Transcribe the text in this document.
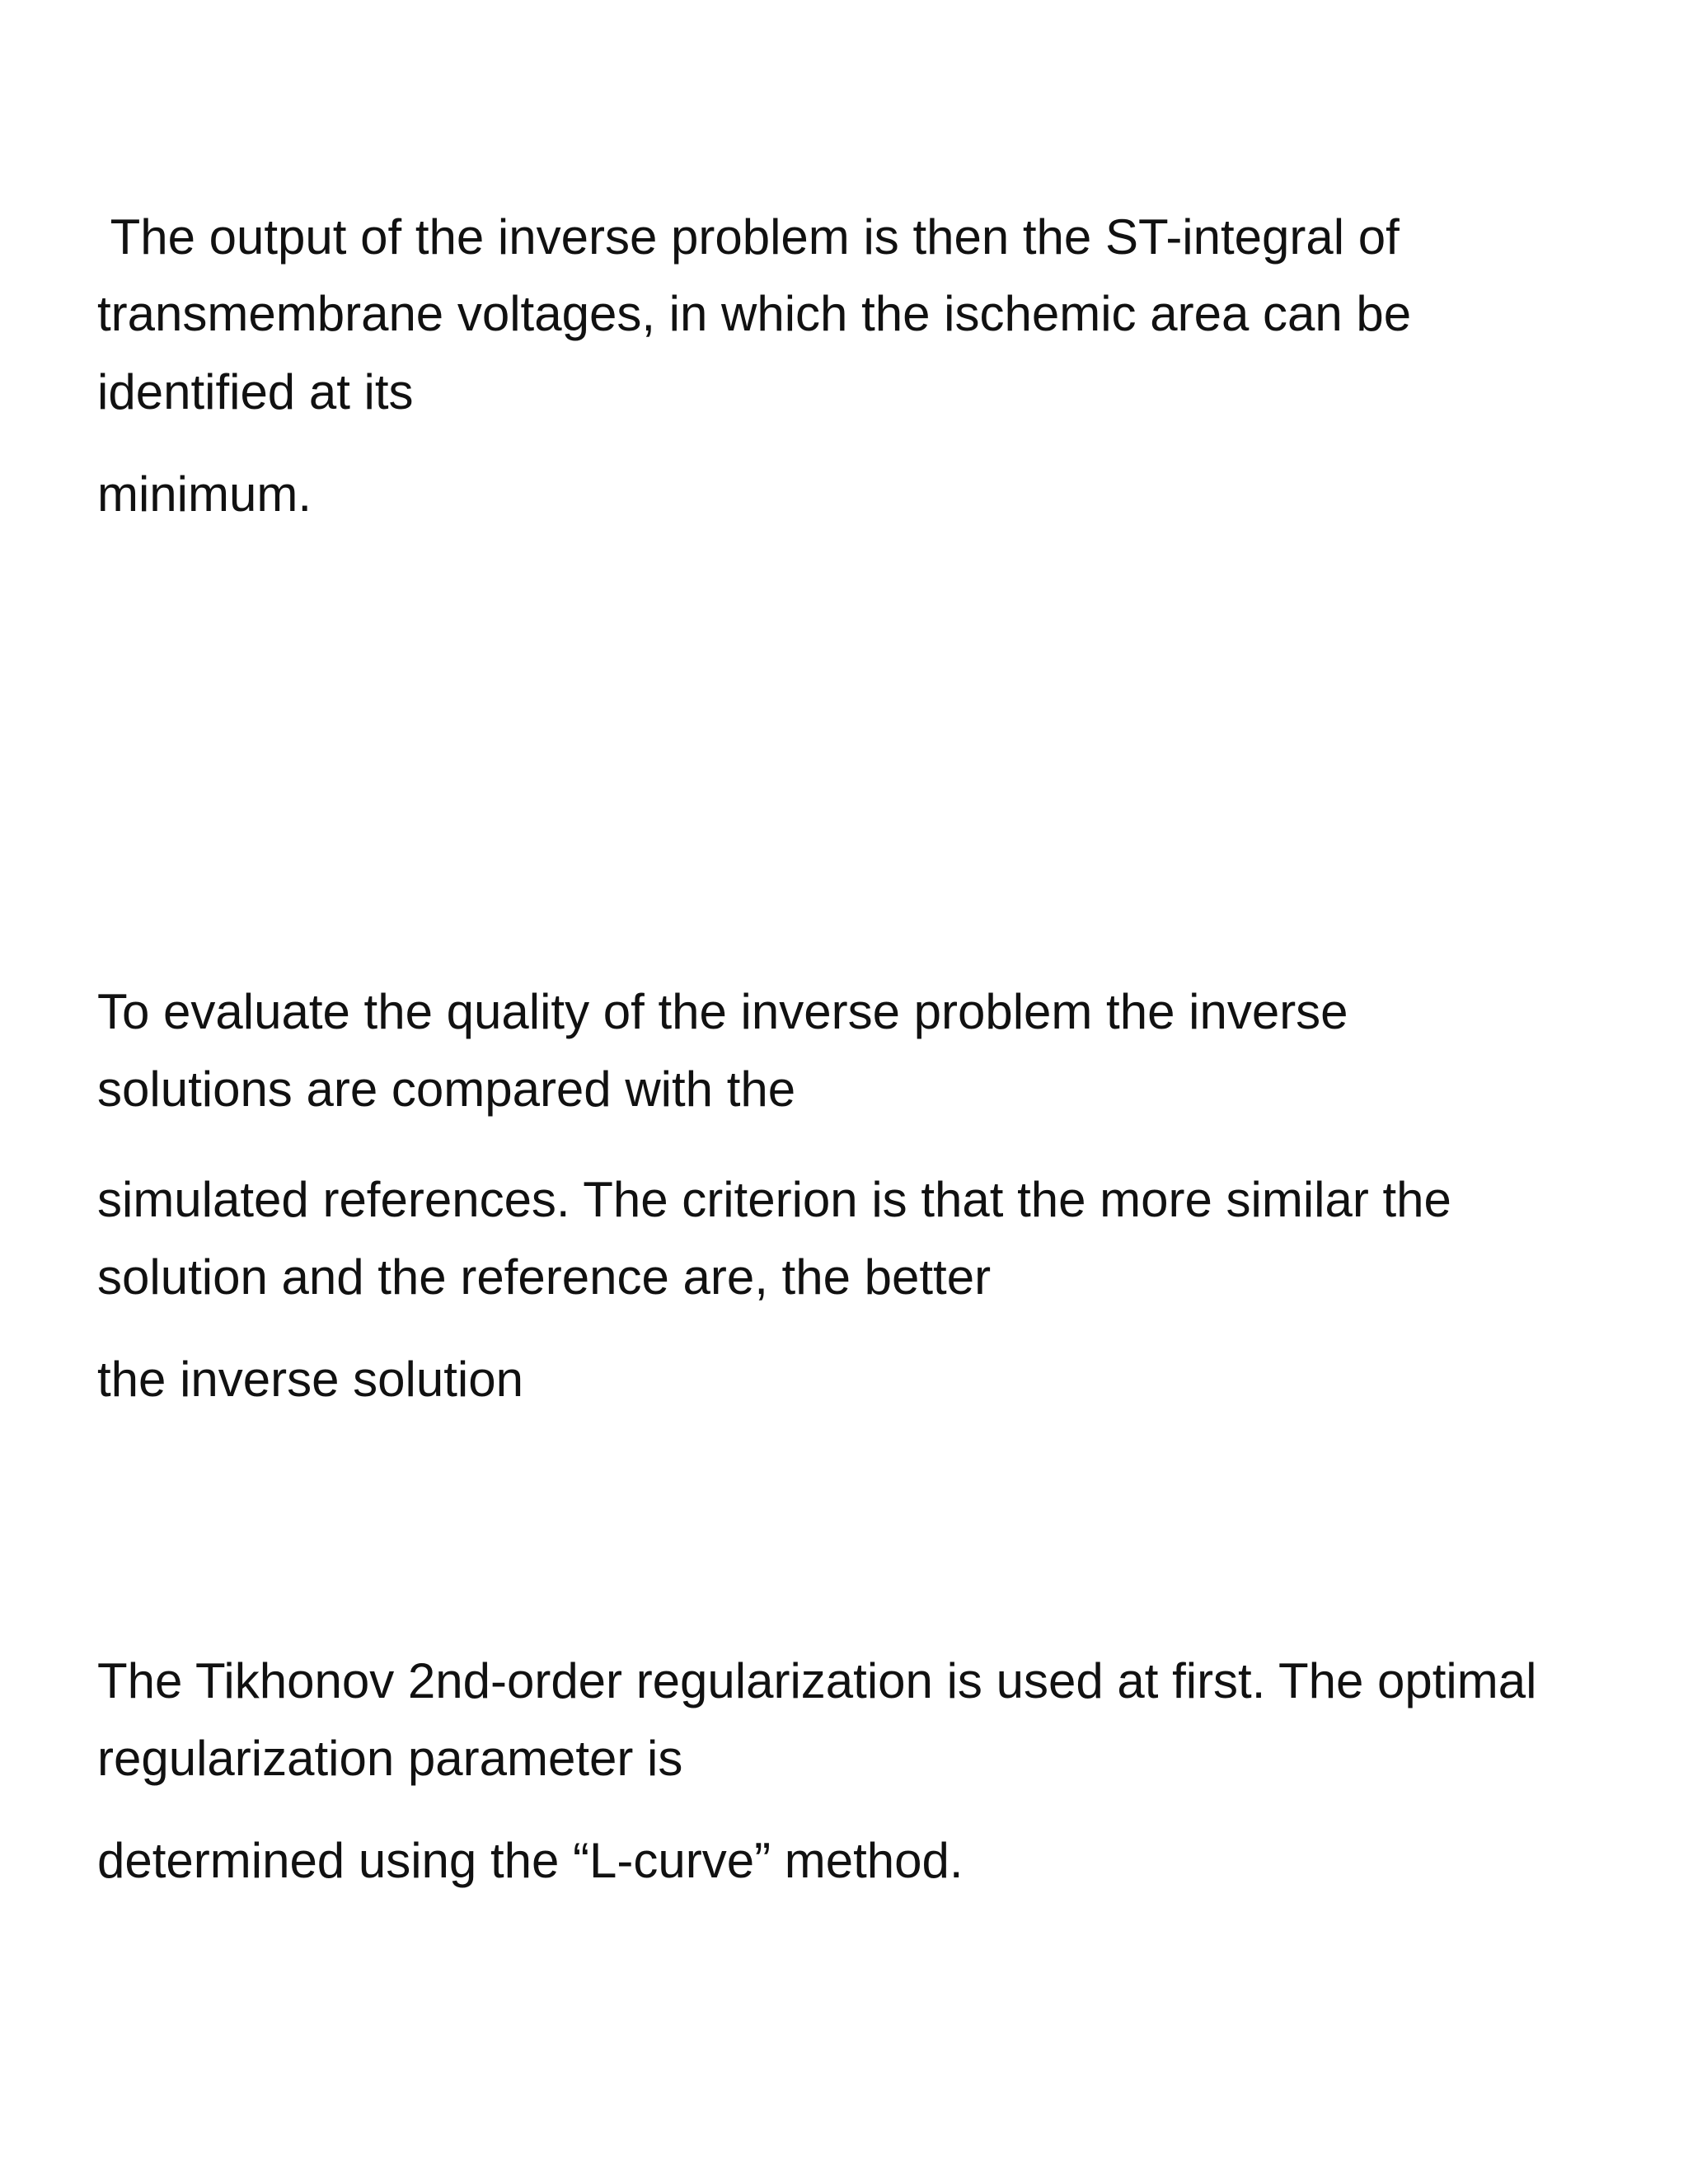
The output of the inverse problem is then the ST-integral of

transmembrane voltages, in which the ischemic area can be

identified at its

minimum.

To evaluate the quality of the inverse problem the inverse

solutions are compared with the

simulated references. The criterion is that the more similar the

solution and the reference are, the better

the inverse solution

The Tikhonov 2nd-order regularization is used at first. The optimal

regularization parameter is

determined using the “L-curve” method.
